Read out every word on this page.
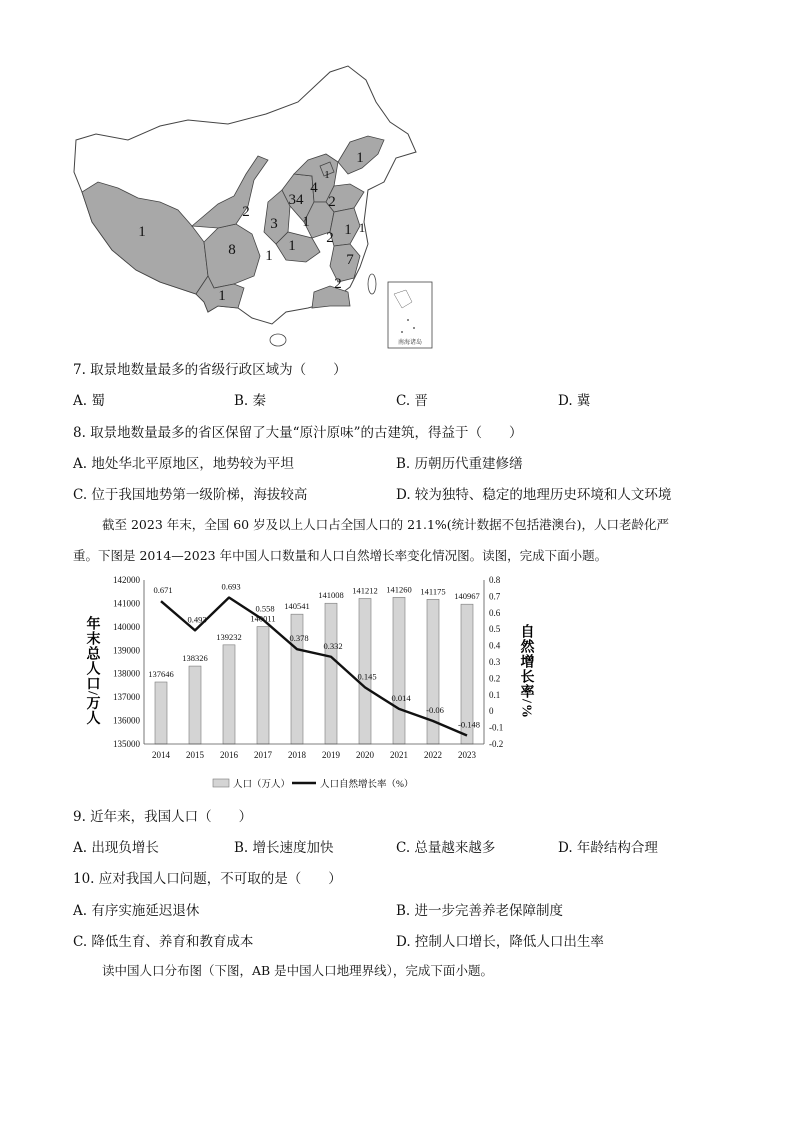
南海诸岛
1
4
1
34 2
2
3 1 1
2
1
1
8 1
1
7
1
2
7. 取景地数量最多的省级行政区域为（　　）
A. 蜀	B. 秦	C. 晋	D. 冀
8. 取景地数量最多的省区保留了大量“原汁原味”的古建筑，得益于（　　）
A. 地处华北平原地区，地势较为平坦	B. 历朝历代重建修缮
C. 位于我国地势第一级阶梯，海拔较高	D. 较为独特、稳定的地理历史环境和人文环境
截至 2023 年末，全国 60 岁及以上人口占全国人口的 21.1%(统计数据不包括港澳台)，人口老龄化严
重。下图是 2014—2023 年中国人口数量和人口自然增长率变化情况图。读图，完成下面小题。
137646
138326
139232
140011
140541
141008 141212 141260 141175 140967
0.671
0.493
0.693
0.558
0.378
0.332
0.145
0.014
-0.06
-0.148
142000
141000
140000
139000
138000
137000
136000
135000
0.8
0.7
0.6
0.5
0.4
0.3
0.2
0.1
0
-0.1
-0.2
2014 2015 2016 2017 2018 2019 2020 2021 2022 2023
年末总人口/万人	自然增长率/%
人口（万人）	人口自然增长率（%）
9. 近年来，我国人口（　　）
A. 出现负增长	B. 增长速度加快	C. 总量越来越多	D. 年龄结构合理
10. 应对我国人口问题，不可取的是（　　）
A. 有序实施延迟退休	B. 进一步完善养老保障制度
C. 降低生育、养育和教育成本	D. 控制人口增长，降低人口出生率
读中国人口分布图（下图，AB 是中国人口地理界线），完成下面小题。
